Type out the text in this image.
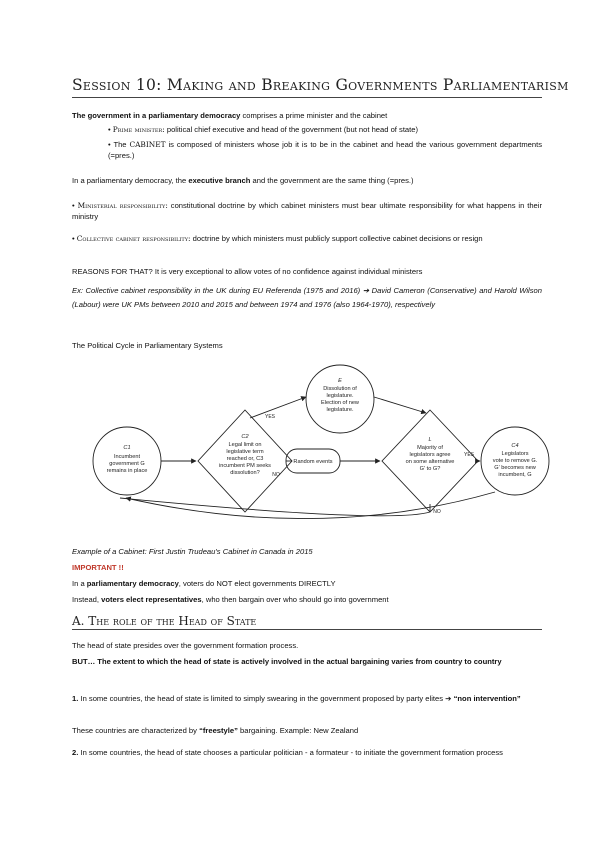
Session 10: Making and Breaking Governments Parliamentarism
The government in a parliamentary democracy comprises a prime minister and the cabinet
• Prime minister: political chief executive and head of the government (but not head of state)
• The CABINET is composed of ministers whose job it is to be in the cabinet and head the various government departments (=pres.)
In a parliamentary democracy, the executive branch and the government are the same thing (=pres.)
• Ministerial responsibility: constitutional doctrine by which cabinet ministers must bear ultimate responsibility for what happens in their ministry
• Collective cabinet responsibility: doctrine by which ministers must publicly support collective cabinet decisions or resign
REASONS FOR THAT? It is very exceptional to allow votes of no confidence against individual ministers
Ex: Collective cabinet responsibility in the UK during EU Referenda (1975 and 2016) ➔ David Cameron (Conservative) and Harold Wilson (Labour) were UK PMs between 2010 and 2015 and between 1974 and 1976 (also 1964-1970), respectively
The Political Cycle in Parliamentary Systems
C1
Incumbent
government G
remains in place
C2
Legal limit on
legislative term
reached or, C3
incumbent PM seeks
dissolution?
E
Dissolution of
legislature.
Election of new
legislature.
Random events
L
Majority of
legislators agree
on some alternative
G' to G?
C4
Legislators
vote to remove G.
G' becomes new
incumbent, G
YES
NO
YES
NO
Example of a Cabinet: First Justin Trudeau's Cabinet in Canada in 2015
IMPORTANT !!
In a parliamentary democracy, voters do NOT elect governments DIRECTLY
Instead, voters elect representatives, who then bargain over who should go into government
A. The role of the Head of State
The head of state presides over the government formation process.
BUT… The extent to which the head of state is actively involved in the actual bargaining varies from country to country
1. In some countries, the head of state is limited to simply swearing in the government proposed by party elites ➔ “non intervention”
These countries are characterized by “freestyle” bargaining. Example: New Zealand
2. In some countries, the head of state chooses a particular politician - a formateur - to initiate the government formation process
